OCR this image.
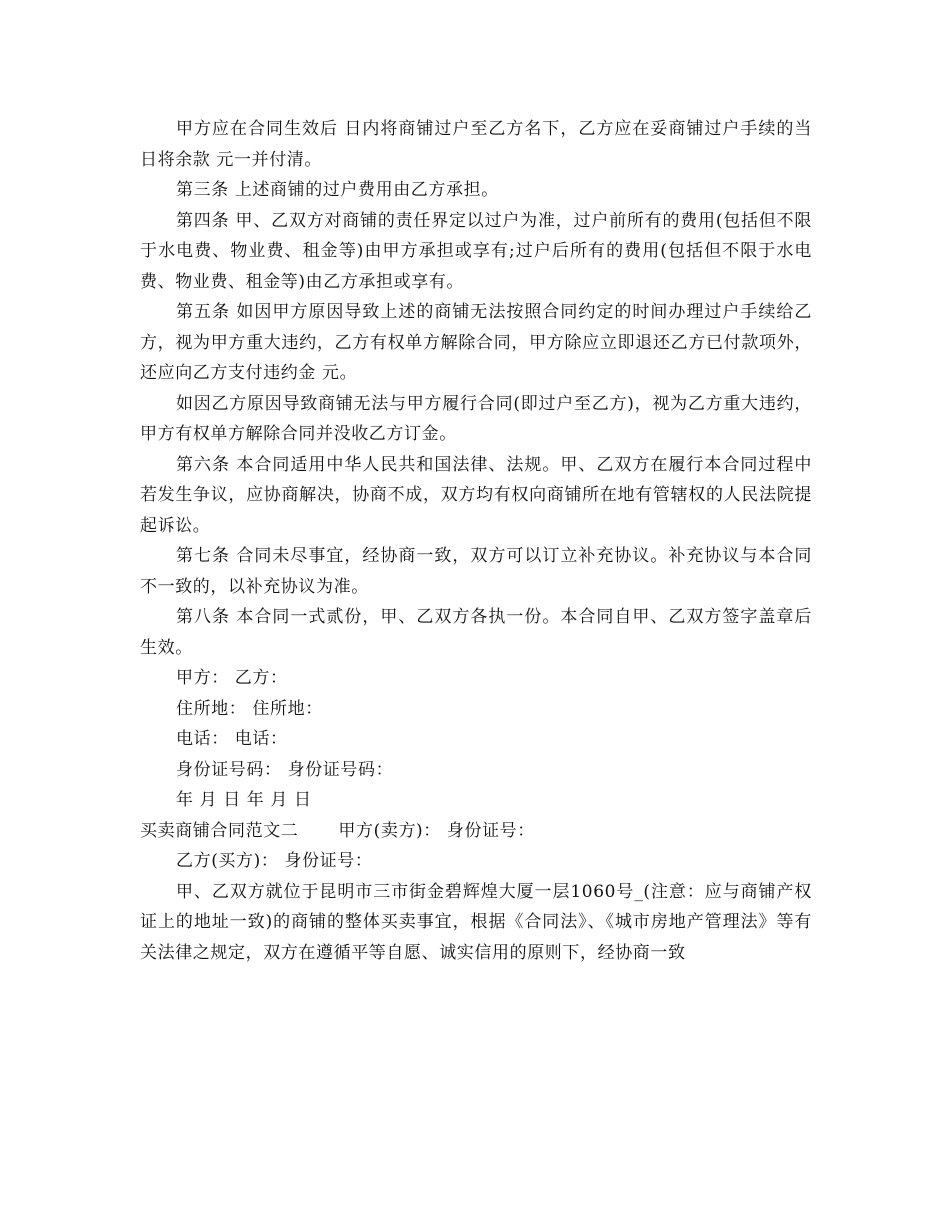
甲方应在合同生效后 日内将商铺过户至乙方名下，乙方应在妥商铺过户手续的当日将余款 元一并付清。

第三条 上述商铺的过户费用由乙方承担。

第四条 甲、乙双方对商铺的责任界定以过户为准，过户前所有的费用(包括但不限于水电费、物业费、租金等)由甲方承担或享有;过户后所有的费用(包括但不限于水电费、物业费、租金等)由乙方承担或享有。

第五条 如因甲方原因导致上述的商铺无法按照合同约定的时间办理过户手续给乙方，视为甲方重大违约，乙方有权单方解除合同，甲方除应立即退还乙方已付款项外，还应向乙方支付违约金 元。

如因乙方原因导致商铺无法与甲方履行合同(即过户至乙方)，视为乙方重大违约，甲方有权单方解除合同并没收乙方订金。

第六条 本合同适用中华人民共和国法律、法规。甲、乙双方在履行本合同过程中若发生争议，应协商解决，协商不成，双方均有权向商铺所在地有管辖权的人民法院提起诉讼。

第七条 合同未尽事宜，经协商一致，双方可以订立补充协议。补充协议与本合同不一致的，以补充协议为准。

第八条 本合同一式贰份，甲、乙双方各执一份。本合同自甲、乙双方签字盖章后生效。

甲方： 乙方：

住所地： 住所地：

电话： 电话：

身份证号码： 身份证号码：

年 月 日 年 月 日

买卖商铺合同范文二 甲方(卖方)： 身份证号：

乙方(买方)： 身份证号：

甲、乙双方就位于昆明市三市街金碧辉煌大厦一层1060号_(注意：应与商铺产权证上的地址一致)的商铺的整体买卖事宜，根据《合同法》、《城市房地产管理法》等有关法律之规定，双方在遵循平等自愿、诚实信用的原则下，经协商一致
